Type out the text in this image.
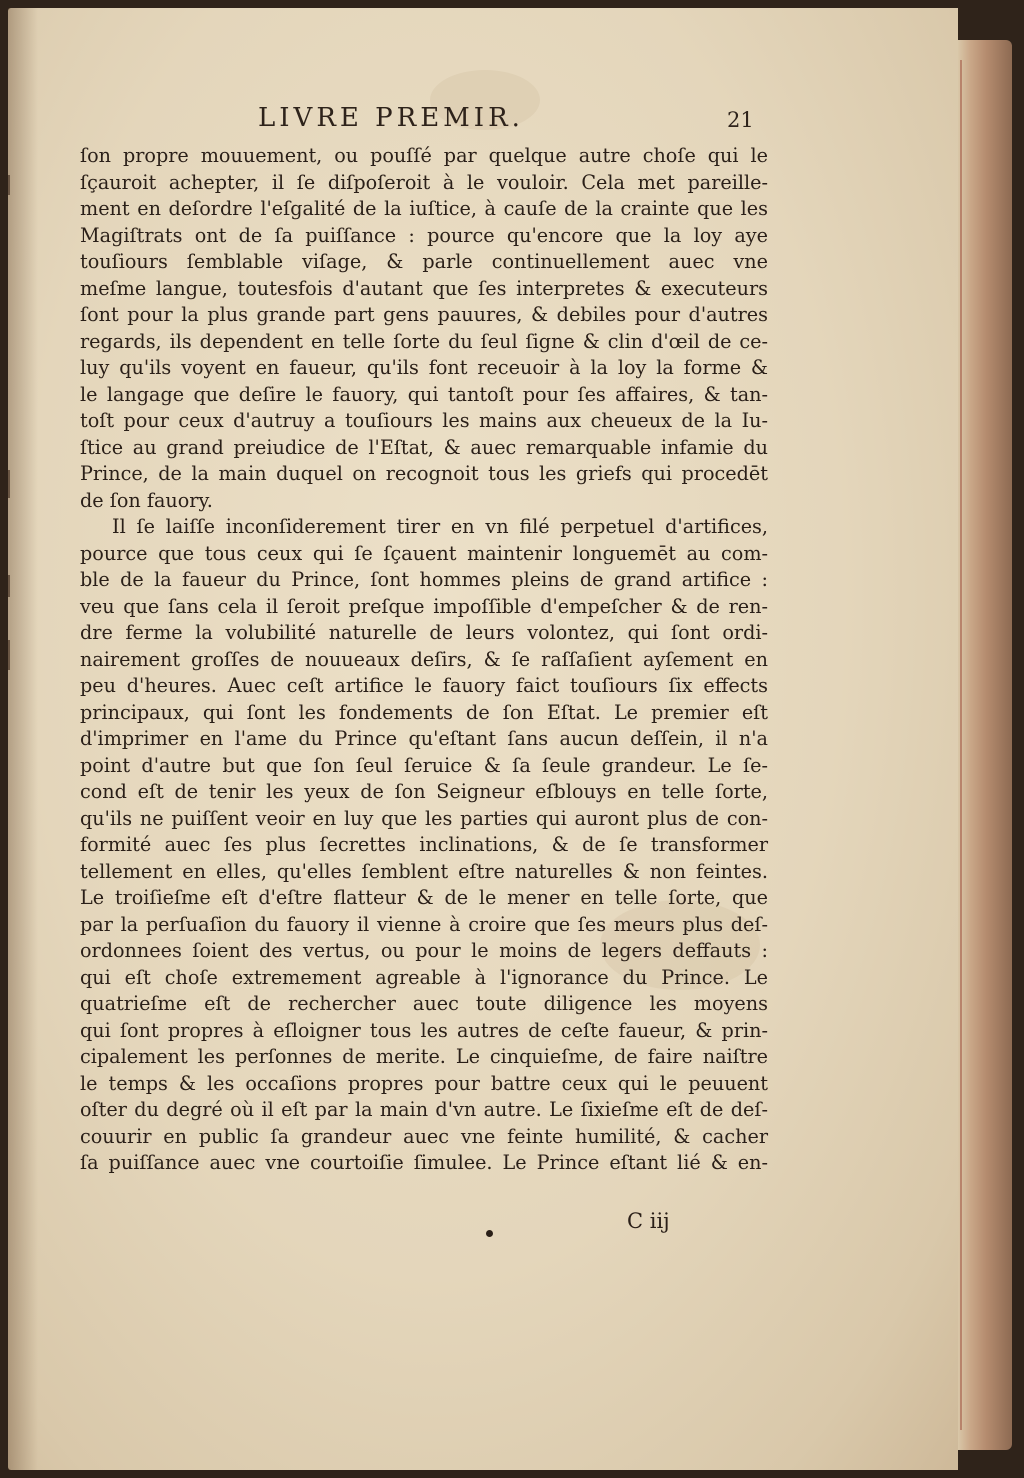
LIVRE PREMIR.	21
ſon propre mouuement, ou pouſſé par quelque autre choſe qui le
ſçauroit achepter, il ſe diſpoſeroit à le vouloir. Cela met pareille-
ment en deſordre l'eſgalité de la iuſtice, à cauſe de la crainte que les
Magiſtrats ont de ſa puiſſance : pource qu'encore que la loy aye
touſiours ſemblable viſage, & parle continuellement auec vne
meſme langue, toutesfois d'autant que ſes interpretes & executeurs
ſont pour la plus grande part gens pauures, & debiles pour d'autres
regards, ils dependent en telle ſorte du ſeul ſigne & clin d'œil de ce-
luy qu'ils voyent en faueur, qu'ils font receuoir à la loy la forme &
le langage que deſire le fauory, qui tantoſt pour ſes affaires, & tan-
toſt pour ceux d'autruy a touſiours les mains aux cheueux de la Iu-
ſtice au grand preiudice de l'Eſtat, & auec remarquable infamie du
Prince, de la main duquel on recognoit tous les griefs qui procedēt
de ſon fauory.
Il ſe laiſſe inconſiderement tirer en vn filé perpetuel d'artifices,
pource que tous ceux qui ſe ſçauent maintenir longuemēt au com-
ble de la faueur du Prince, ſont hommes pleins de grand artifice :
veu que ſans cela il ſeroit preſque impoſſible d'empeſcher & de ren-
dre ferme la volubilité naturelle de leurs volontez, qui ſont ordi-
nairement groſſes de nouueaux deſirs, & ſe raſſaſient ayſement en
peu d'heures. Auec ceſt artifice le fauory faict touſiours ſix effects
principaux, qui ſont les fondements de ſon Eſtat. Le premier eſt
d'imprimer en l'ame du Prince qu'eſtant ſans aucun deſſein, il n'a
point d'autre but que ſon ſeul ſeruice & ſa ſeule grandeur. Le ſe-
cond eſt de tenir les yeux de ſon Seigneur eſblouys en telle ſorte,
qu'ils ne puiſſent veoir en luy que les parties qui auront plus de con-
formité auec ſes plus ſecrettes inclinations, & de ſe transformer
tellement en elles, qu'elles ſemblent eſtre naturelles & non feintes.
Le troiſieſme eſt d'eſtre flatteur & de le mener en telle ſorte, que
par la perſuaſion du fauory il vienne à croire que ſes meurs plus deſ-
ordonnees ſoient des vertus, ou pour le moins de legers deffauts :
qui eſt choſe extremement agreable à l'ignorance du Prince. Le
quatrieſme eſt de rechercher auec toute diligence les moyens
qui ſont propres à eſloigner tous les autres de ceſte faueur, & prin-
cipalement les perſonnes de merite. Le cinquieſme, de faire naiſtre
le temps & les occaſions propres pour battre ceux qui le peuuent
oſter du degré où il eſt par la main d'vn autre. Le ſixieſme eſt de deſ-
couurir en public ſa grandeur auec vne feinte humilité, & cacher
ſa puiſſance auec vne courtoiſie ſimulee. Le Prince eſtant lié & en-
C iij
